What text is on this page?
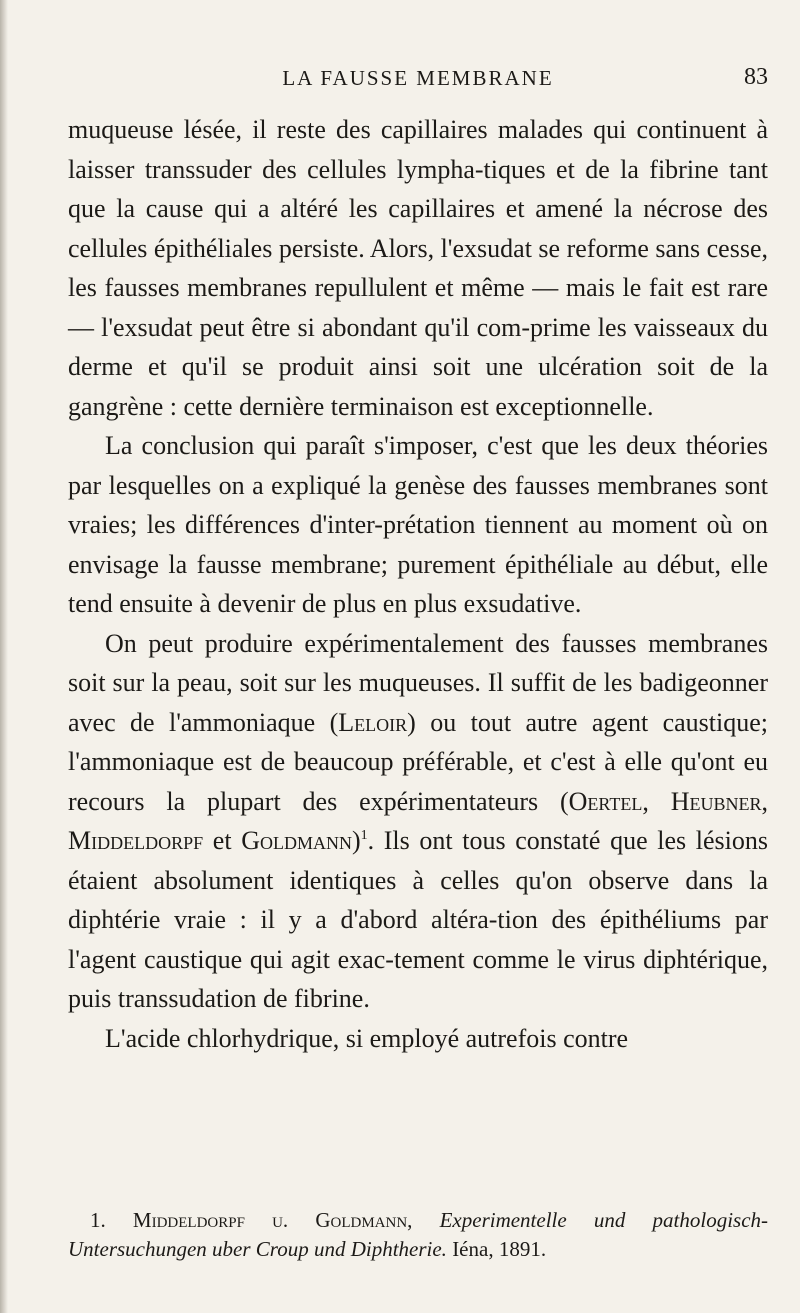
LA FAUSSE MEMBRANE	83

muqueuse lésée, il reste des capillaires malades qui continuent à laisser transsuder des cellules lympha-tiques et de la fibrine tant que la cause qui a altéré les capillaires et amené la nécrose des cellules épithéliales persiste. Alors, l'exsudat se reforme sans cesse, les fausses membranes repullulent et même — mais le fait est rare — l'exsudat peut être si abondant qu'il com-prime les vaisseaux du derme et qu'il se produit ainsi soit une ulcération soit de la gangrène : cette dernière terminaison est exceptionnelle.

La conclusion qui paraît s'imposer, c'est que les deux théories par lesquelles on a expliqué la genèse des fausses membranes sont vraies; les différences d'inter-prétation tiennent au moment où on envisage la fausse membrane; purement épithéliale au début, elle tend ensuite à devenir de plus en plus exsudative.

On peut produire expérimentalement des fausses membranes soit sur la peau, soit sur les muqueuses. Il suffit de les badigeonner avec de l'ammoniaque (Leloir) ou tout autre agent caustique; l'ammoniaque est de beaucoup préférable, et c'est à elle qu'ont eu recours la plupart des expérimentateurs (Oertel, Heubner, Middeldorpf et Goldmann)$^1$. Ils ont tous constaté que les lésions étaient absolument identiques à celles qu'on observe dans la diphtérie vraie : il y a d'abord altéra-tion des épithéliums par l'agent caustique qui agit exac-tement comme le virus diphtérique, puis transsudation de fibrine.

L'acide chlorhydrique, si employé autrefois contre

1. Middeldorpf u. Goldmann, Experimentelle und pathologisch-Untersuchungen uber Croup und Diphtherie. Iéna, 1891.
